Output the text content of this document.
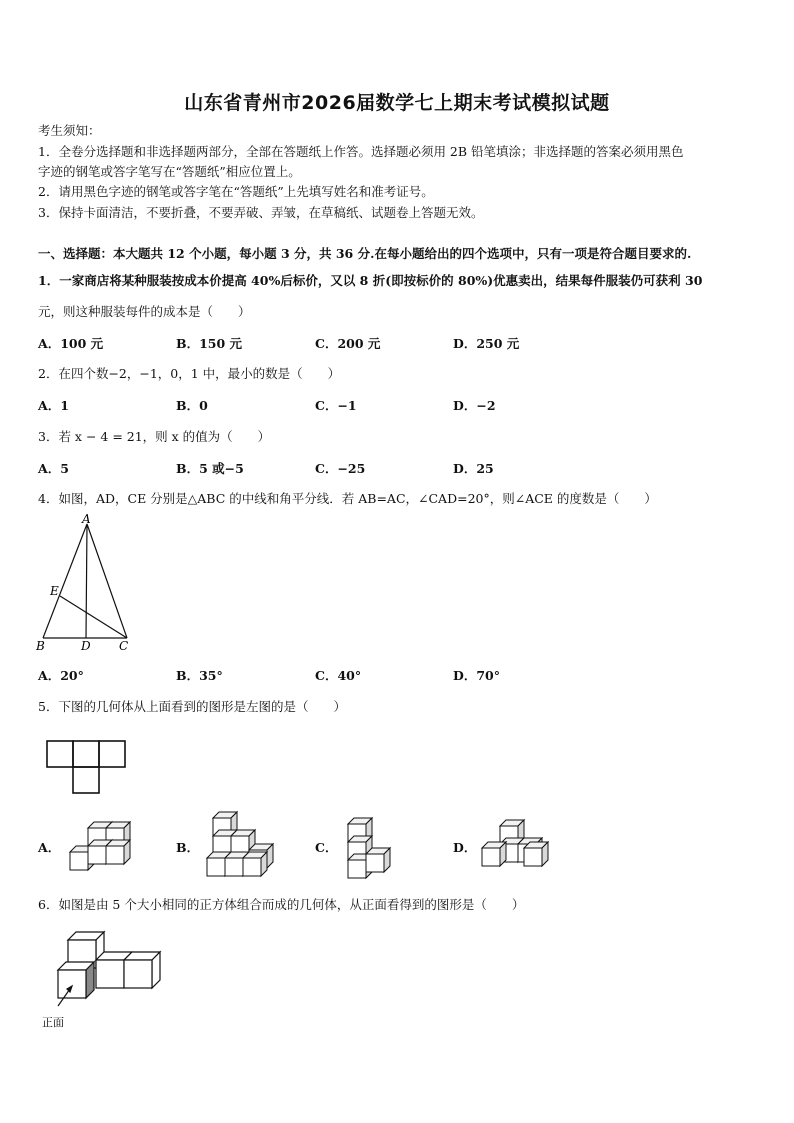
山东省青州市2026届数学七上期末考试模拟试题
考生须知：
1．全卷分选择题和非选择题两部分，全部在答题纸上作答。选择题必须用 2B 铅笔填涂；非选择题的答案必须用黑色
字迹的钢笔或答字笔写在“答题纸”相应位置上。
2．请用黑色字迹的钢笔或答字笔在“答题纸”上先填写姓名和准考证号。
3．保持卡面清洁，不要折叠，不要弄破、弄皱，在草稿纸、试题卷上答题无效。
一、选择题：本大题共 12 个小题，每小题 3 分，共 36 分.在每小题给出的四个选项中，只有一项是符合题目要求的.
1．一家商店将某种服装按成本价提高 40%后标价，又以 8 折(即按标价的 80%)优惠卖出，结果每件服装仍可获利 30
元，则这种服装每件的成本是（　　）
A．100 元	B．150 元	C．200 元	D．250 元
2．在四个数−2，−1，0，1 中，最小的数是（　　）
A．1	B．0	C．−1	D．−2
3．若 x − 4 = 21，则 x 的值为（　　）
A．5	B．5 或−5	C．−25	D．25
4．如图，AD，CE 分别是△ABC 的中线和角平分线．若 AB=AC，∠CAD=20°，则∠ACE 的度数是（　　）
A
E
B	D C
A．20°	B．35°	C．40°	D．70°
5．下图的几何体从上面看到的图形是左图的是（　　）
A．	B．	C．	D．
6．如图是由 5 个大小相同的正方体组合而成的几何体，从正面看得到的图形是（　　）
正面
